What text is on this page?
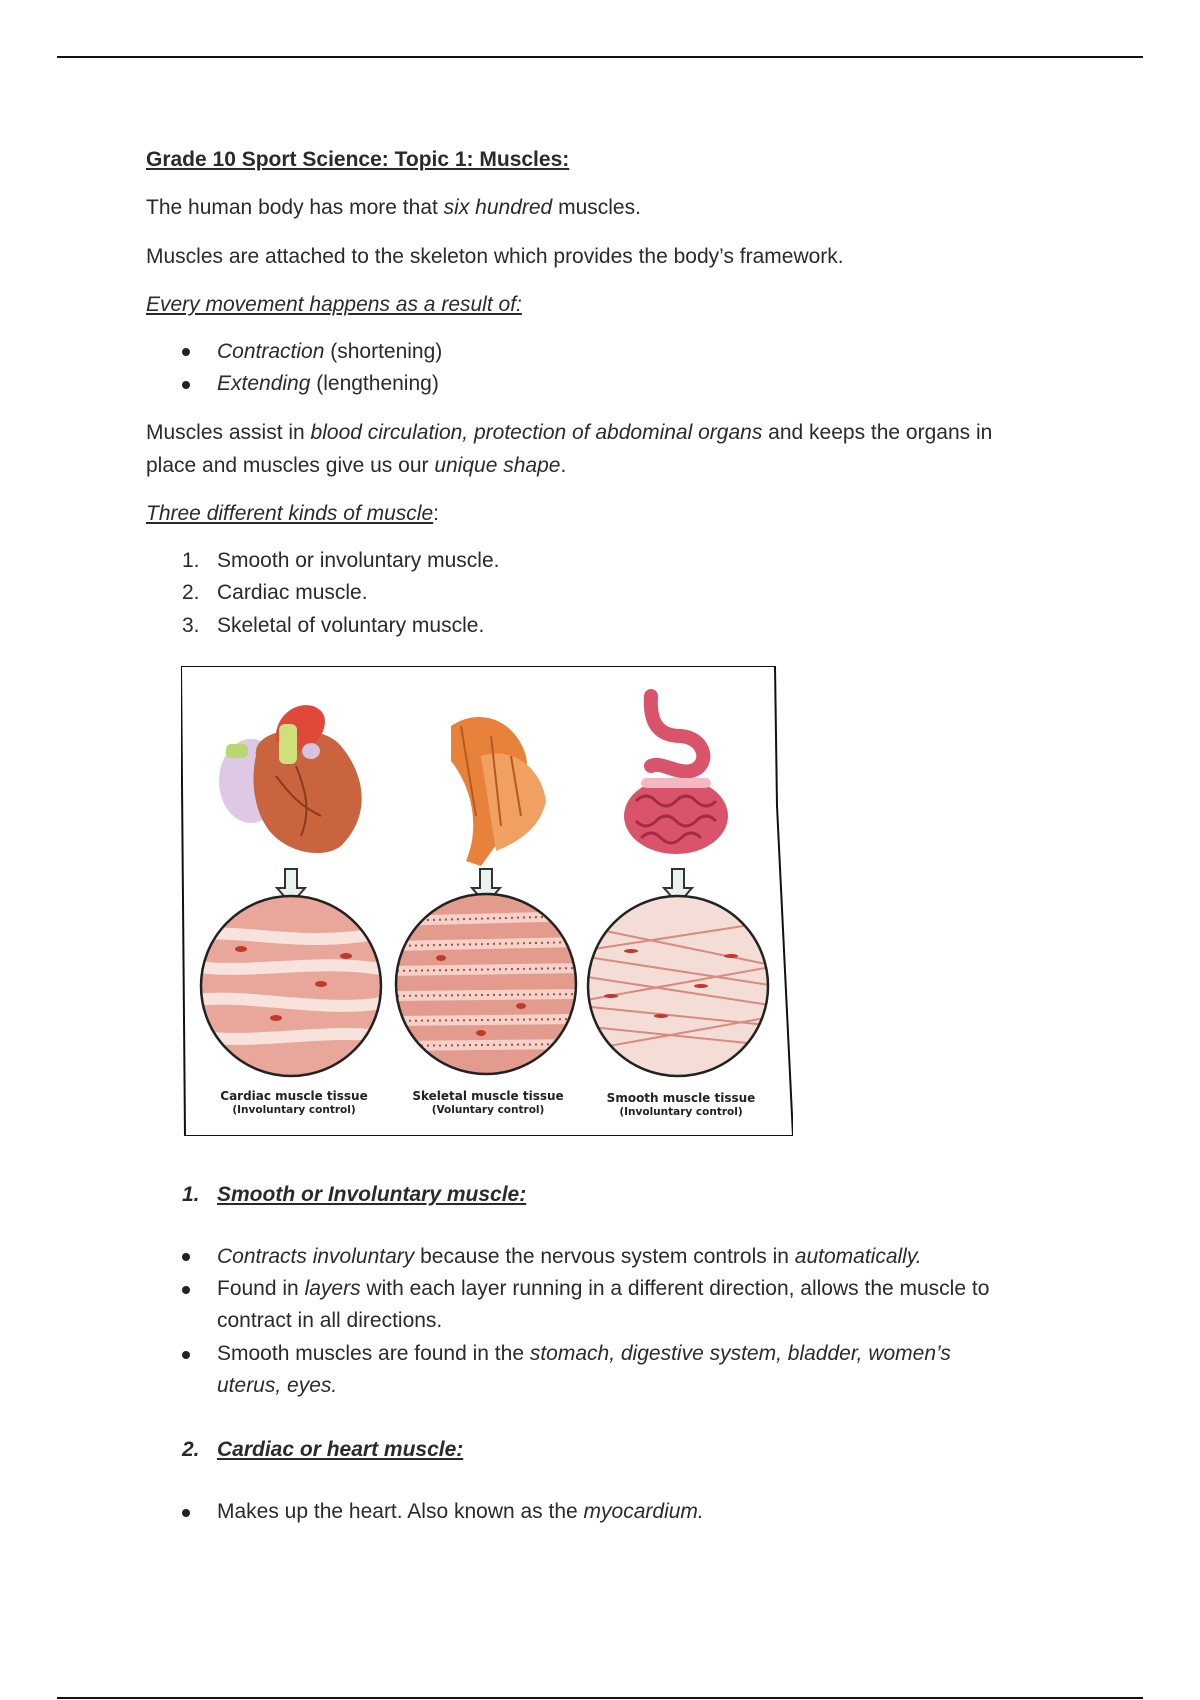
Grade 10 Sport Science: Topic 1: Muscles:
The human body has more that six hundred muscles.
Muscles are attached to the skeleton which provides the body’s framework.
Every movement happens as a result of:
Contraction (shortening)
Extending (lengthening)
Muscles assist in blood circulation, protection of abdominal organs and keeps the organs in
place and muscles give us our unique shape.
Three different kinds of muscle:
1. Smooth or involuntary muscle.
2. Cardiac muscle.
3. Skeletal of voluntary muscle.
Cardiac muscle tissue
(Involuntary control)
Skeletal muscle tissue
(Voluntary control)
Smooth muscle tissue
(Involuntary control)
1. Smooth or Involuntary muscle:
Contracts involuntary because the nervous system controls in automatically.
Found in layers with each layer running in a different direction, allows the muscle to
contract in all directions.
Smooth muscles are found in the stomach, digestive system, bladder, women’s
uterus, eyes.
2. Cardiac or heart muscle:
Makes up the heart. Also known as the myocardium.
